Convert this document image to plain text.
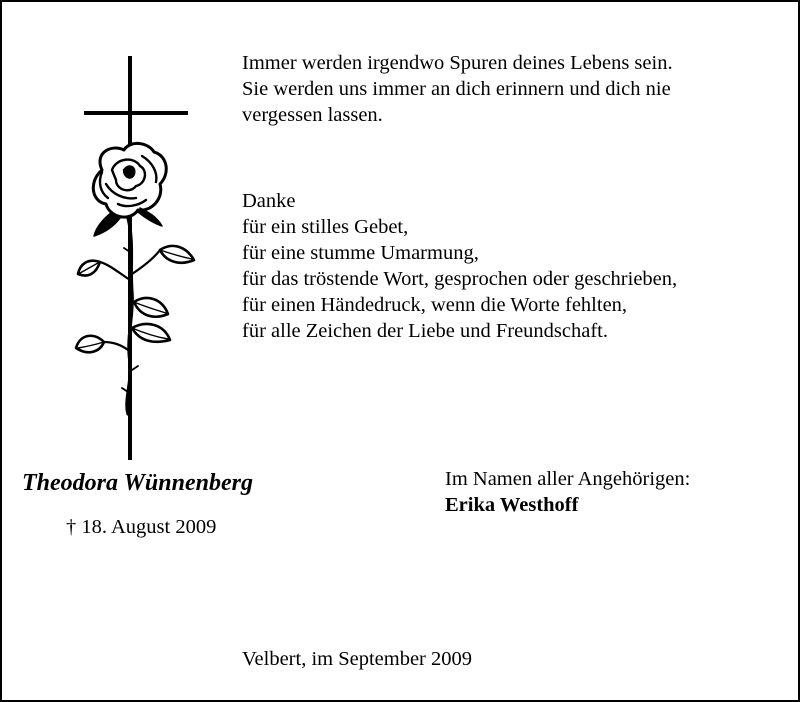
Immer werden irgendwo Spuren deines Lebens sein.
Sie werden uns immer an dich erinnern und dich nie
vergessen lassen.
Danke
für ein stilles Gebet,
für eine stumme Umarmung,
für das tröstende Wort, gesprochen oder geschrieben,
für einen Händedruck, wenn die Worte fehlten,
für alle Zeichen der Liebe und Freundschaft.
Theodora Wünnenberg
† 18. August 2009
Im Namen aller Angehörigen:
Erika Westhoff
Velbert, im September 2009
